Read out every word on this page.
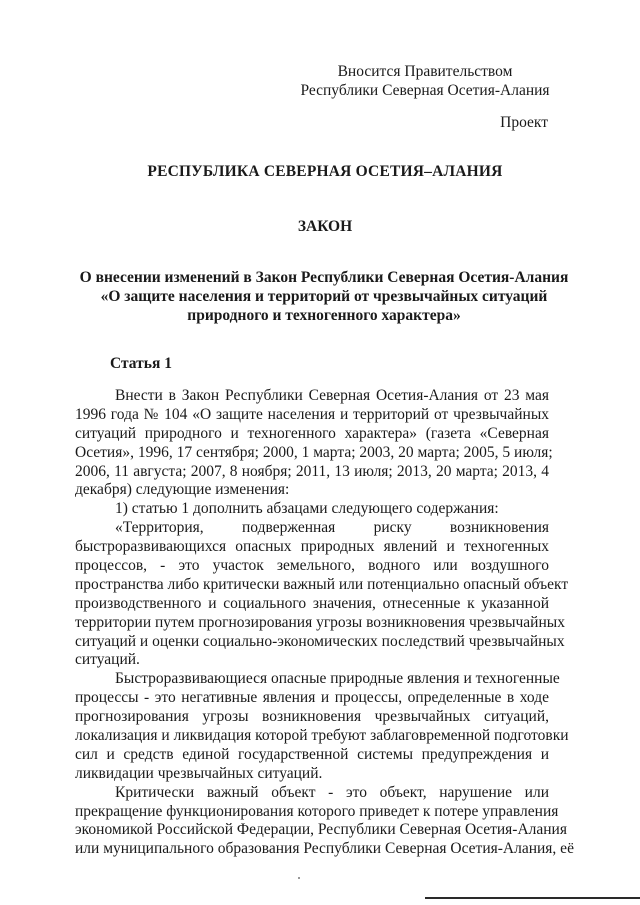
Вносится Правительством
Республики Северная Осетия-Алания
Проект
РЕСПУБЛИКА СЕВЕРНАЯ ОСЕТИЯ–АЛАНИЯ
ЗАКОН
О внесении изменений в Закон Республики Северная Осетия-Алания
«О защите населения и территорий от чрезвычайных ситуаций
природного и техногенного характера»
Статья 1
Внести в Закон Республики Северная Осетия-Алания от 23 мая
1996 года № 104 «О защите населения и территорий от чрезвычайных
ситуаций природного и техногенного характера» (газета «Северная
Осетия», 1996, 17 сентября; 2000, 1 марта; 2003, 20 марта; 2005, 5 июля;
2006, 11 августа; 2007, 8 ноября; 2011, 13 июля; 2013, 20 марта; 2013, 4
декабря) следующие изменения:
1) статью 1 дополнить абзацами следующего содержания:
«Территория, подверженная риску возникновения
быстроразвивающихся опасных природных явлений и техногенных
процессов, - это участок земельного, водного или воздушного
пространства либо критически важный или потенциально опасный объект
производственного и социального значения, отнесенные к указанной
территории путем прогнозирования угрозы возникновения чрезвычайных
ситуаций и оценки социально-экономических последствий чрезвычайных
ситуаций.
Быстроразвивающиеся опасные природные явления и техногенные
процессы - это негативные явления и процессы, определенные в ходе
прогнозирования угрозы возникновения чрезвычайных ситуаций,
локализация и ликвидация которой требуют заблаговременной подготовки
сил и средств единой государственной системы предупреждения и
ликвидации чрезвычайных ситуаций.
Критически важный объект - это объект, нарушение или
прекращение функционирования которого приведет к потере управления
экономикой Российской Федерации, Республики Северная Осетия-Алания
или муниципального образования Республики Северная Осетия-Алания, её
